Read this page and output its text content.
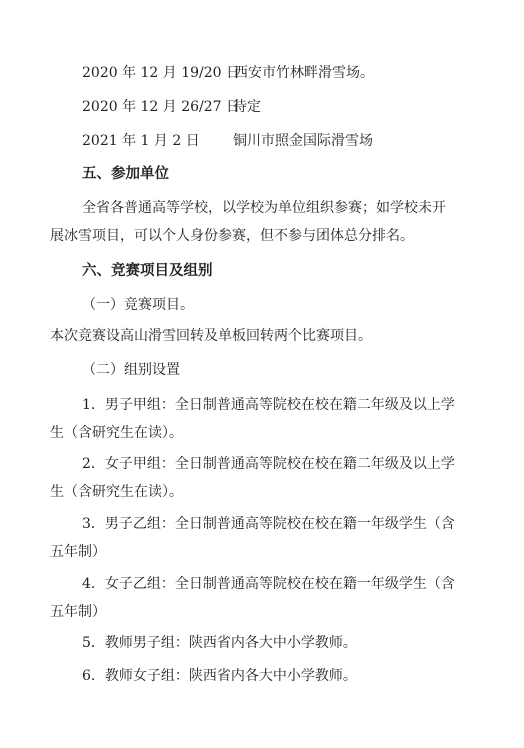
2020 年 12 月 19/20 日
西安市竹林畔滑雪场。
2020 年 12 月 26/27 日
待定
2021 年 1 月 2 日 铜川市照金国际滑雪场
五、参加单位
全省各普通高等学校，以学校为单位组织参赛；如学校未开
展冰雪项目，可以个人身份参赛，但不参与团体总分排名。
六、竞赛项目及组别
（一）竞赛项目。
本次竞赛设高山滑雪回转及单板回转两个比赛项目。
（二）组别设置
1．男子甲组：全日制普通高等院校在校在籍二年级及以上学
生（含研究生在读）。
2．女子甲组：全日制普通高等院校在校在籍二年级及以上学
生（含研究生在读）。
3．男子乙组：全日制普通高等院校在校在籍一年级学生（含
五年制）
4．女子乙组：全日制普通高等院校在校在籍一年级学生（含
五年制）
5．教师男子组：陕西省内各大中小学教师。
6．教师女子组：陕西省内各大中小学教师。
